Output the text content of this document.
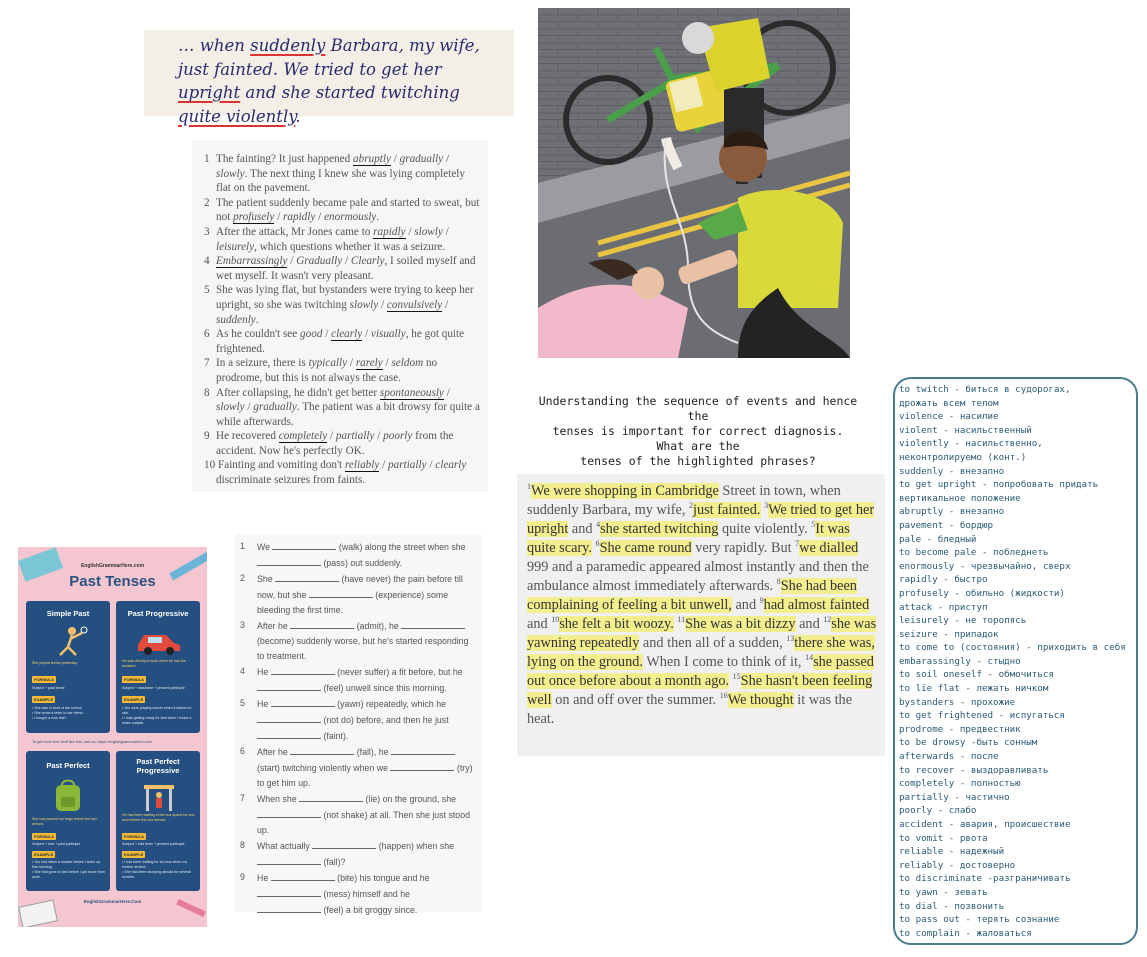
… when suddenly Barbara, my wife, just fainted. We tried to get her upright and she started twitching quite violently.

1 The fainting? It just happened abruptly / gradually / slowly. The next thing I knew she was lying completely flat on the pavement.
2 The patient suddenly became pale and started to sweat, but not profusely / rapidly / enormously.
3 After the attack, Mr Jones came to rapidly / slowly / leisurely, which questions whether it was a seizure.
4 Embarrassingly / Gradually / Clearly, I soiled myself and wet myself. It wasn't very pleasant.
5 She was lying flat, but bystanders were trying to keep her upright, so she was twitching slowly / convulsively / suddenly.
6 As he couldn't see good / clearly / visually, he got quite frightened.
7 In a seizure, there is typically / rarely / seldom no prodrome, but this is not always the case.
8 After collapsing, he didn't get better spontaneously / slowly / gradually. The patient was a bit drowsy for quite a while afterwards.
9 He recovered completely / partially / poorly from the accident. Now he's perfectly OK.
10 Fainting and vomiting don't reliably / partially / clearly discriminate seizures from faints.
Understanding the sequence of events and hence the
tenses is important for correct diagnosis.
What are the
tenses of the highlighted phrases?
$^1$We were shopping in Cambridge Street in town, when suddenly Barbara, my wife, $^2$just fainted. $^3$We tried to get her upright and $^4$she started twitching quite violently. $^5$It was quite scary. $^6$She came round very rapidly. But $^7$we dialled 999 and a paramedic appeared almost instantly and then the ambulance almost immediately afterwards. $^8$She had been complaining of feeling a bit unwell, and $^9$had almost fainted and $^{10}$she felt a bit woozy. $^{11}$She was a bit dizzy and $^{12}$she was yawning repeatedly and then all of a sudden, $^{13}$there she was, lying on the ground. When I come to think of it, $^{14}$she passed out once before about a month ago. $^{15}$She hasn't been feeling well on and off over the summer. $^{16}$We thought it was the heat.
EnglishGrammarHere.com
Past Tenses
Simple Past
She played tennis yesterday.
FORMULA
Subject + past tense
EXAMPLE
• She was in front of the school.
• She wrote a letter to her friend.
• I bought a new shirt.
Past Progressive
He was driving to work when he had the accident.
FORMULA
Subject + was/were + present participle
EXAMPLE
• You were playing soccer when it started to rain.
• I was getting ready for bed when I heard a noise outside.
To get more free stuff like this, visit us: https://englishgrammarhere.com
Past Perfect
She had packed our bags before the taxi arrived.
FORMULA
Subject + had + past participle
EXAMPLE
• You had taken a shower before I woke up this morning.
• She had gone to bed before I got home from work.
Past Perfect Progressive
He had been waiting in the bus queue for one hour before the bus arrived.
FORMULA
Subject + had been + present participle
EXAMPLE
• I had been waiting for an hour when my brother arrived.
• She had been studying abroad for several months.
EnglishGrammarHere.Com
1 We	(walk) along the street when she  (pass) out suddenly.
2 She	(have never) the pain before till now, but she	(experience) some bleeding the first time.
3 After he	(admit), he  (become) suddenly worse, but he's started responding to treatment.
4 He	(never suffer) a fit before, but he  (feel) unwell since this morning.
5 He	(yawn) repeatedly, which he  (not do) before, and then he just  (faint).
6 After he	(fall), he  (start) twitching violently when we	(try) to get him up.
7 When she	(lie) on the ground, she  (not shake) at all. Then she just stood up.
8 What actually	(happen) when she  (fall)?
9 He	(bite) his tongue and he  (mess) himself and he  (feel) a bit groggy since.
to twitch - биться в судорогах,
дрожать всем телом
violence - насилие
violent - насильственный
violently - насильственно,
неконтролируемо (конт.)
suddenly - внезапно
to get upright - попробовать придать
вертикальное положение
abruptly - внезапно
pavement - бордюр
pale - бледный
to become pale - побледнеть
enormously - чрезвычайно, сверх
rapidly - быстро
profusely - обильно (жидкости)
attack - приступ
leisurely - не торопясь
seizure - припадок
to come to (состояния) - приходить в себя
embarassingly - стыдно
to soil oneself - обмочиться
to lie flat - лежать ничком
bystanders - прохожие
to get frightened - испугаться
prodrome - предвестник
to be drowsy -быть сонным
afterwards - после
to recover - выздоравливать
completely - полностью
partially - частично
poorly - слабо
accident - авария, происшествие
to vomit - рвота
reliable - надежный
reliably - достоверно
to discriminate -разграничивать
to yawn - зевать
to dial - позвонить
to pass out - терять сознание
to complain - жаловаться
